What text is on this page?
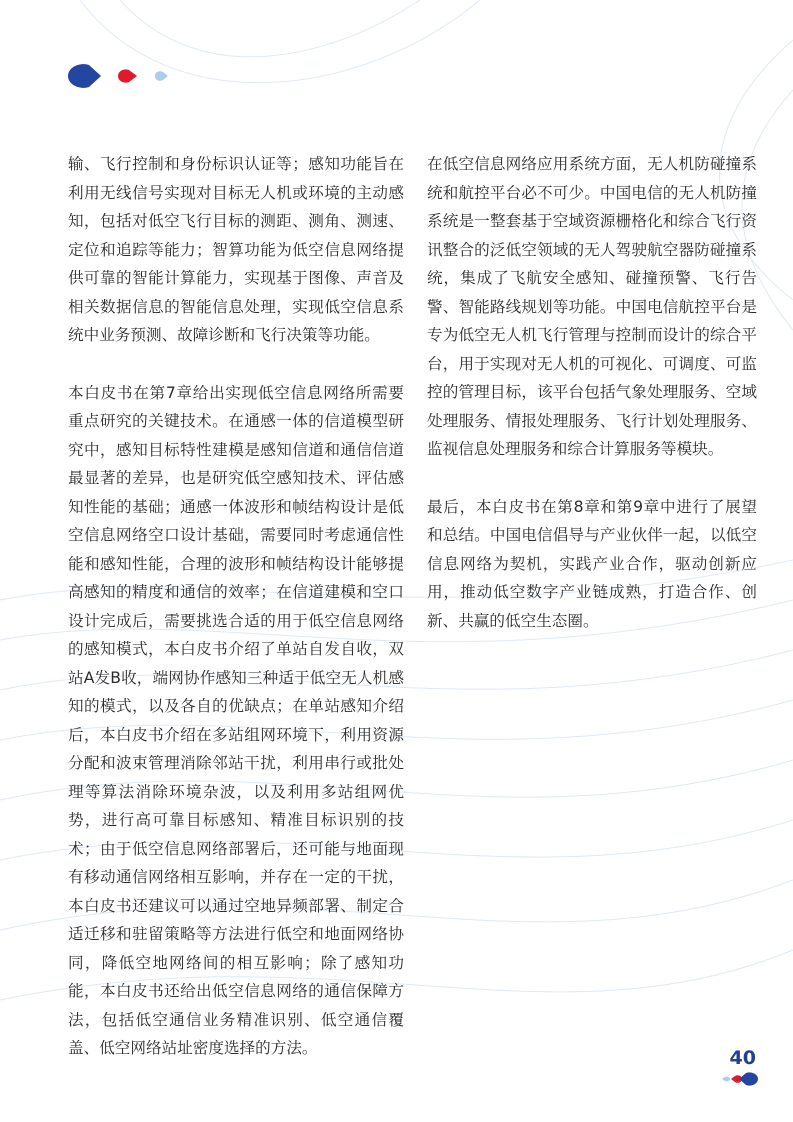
输、飞行控制和身份标识认证等；感知功能旨在利用无线信号实现对目标无人机或环境的主动感知，包括对低空飞行目标的测距、测角、测速、定位和追踪等能力；智算功能为低空信息网络提供可靠的智能计算能力，实现基于图像、声音及相关数据信息的智能信息处理，实现低空信息系统中业务预测、故障诊断和飞行决策等功能。

本白皮书在第7章给出实现低空信息网络所需要重点研究的关键技术。在通感一体的信道模型研究中，感知目标特性建模是感知信道和通信信道最显著的差异，也是研究低空感知技术、评估感知性能的基础；通感一体波形和帧结构设计是低空信息网络空口设计基础，需要同时考虑通信性能和感知性能，合理的波形和帧结构设计能够提高感知的精度和通信的效率；在信道建模和空口设计完成后，需要挑选合适的用于低空信息网络的感知模式，本白皮书介绍了单站自发自收，双站A发B收，端网协作感知三种适于低空无人机感知的模式，以及各自的优缺点；在单站感知介绍后，本白皮书介绍在多站组网环境下，利用资源分配和波束管理消除邻站干扰，利用串行或批处理等算法消除环境杂波，以及利用多站组网优势，进行高可靠目标感知、精准目标识别的技术；由于低空信息网络部署后，还可能与地面现有移动通信网络相互影响，并存在一定的干扰，本白皮书还建议可以通过空地异频部署、制定合适迁移和驻留策略等方法进行低空和地面网络协同，降低空地网络间的相互影响；除了感知功能，本白皮书还给出低空信息网络的通信保障方法，包括低空通信业务精准识别、低空通信覆盖、低空网络站址密度选择的方法。

在低空信息网络应用系统方面，无人机防碰撞系统和航控平台必不可少。中国电信的无人机防撞系统是一整套基于空域资源栅格化和综合飞行资讯整合的泛低空领域的无人驾驶航空器防碰撞系统，集成了飞航安全感知、碰撞预警、飞行告警、智能路线规划等功能。中国电信航控平台是专为低空无人机飞行管理与控制而设计的综合平台，用于实现对无人机的可视化、可调度、可监控的管理目标，该平台包括气象处理服务、空域处理服务、情报处理服务、飞行计划处理服务、监视信息处理服务和综合计算服务等模块。

最后，本白皮书在第8章和第9章中进行了展望和总结。中国电信倡导与产业伙伴一起，以低空信息网络为契机，实践产业合作，驱动创新应用，推动低空数字产业链成熟，打造合作、创新、共赢的低空生态圈。

40
